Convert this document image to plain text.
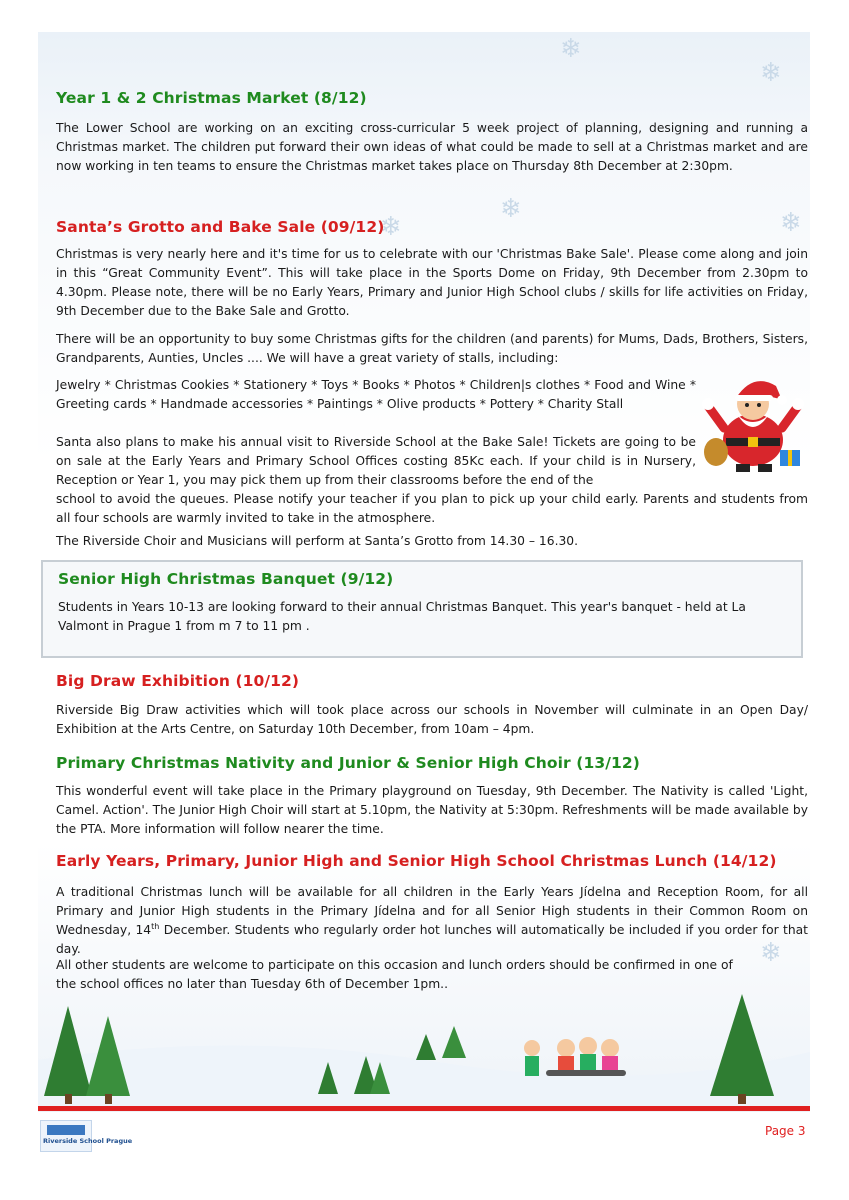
❄
❄
❄
❄	❄
❄
Year 1 & 2 Christmas Market (8/12)

The Lower School are working on an exciting cross-curricular 5 week project of planning, designing and running a Christmas market. The children put forward their own ideas of what could be made to sell at a Christmas market and are now working in ten teams to ensure the Christmas market takes place on Thursday 8th December at 2:30pm.

Santa’s Grotto and Bake Sale (09/12)

Christmas is very nearly here and it's time for us to celebrate with our 'Christmas Bake Sale'. Please come along and join in this “Great Community Event”. This will take place in the Sports Dome on Friday, 9th December from 2.30pm to 4.30pm. Please note, there will be no Early Years, Primary and Junior High School clubs / skills for life activities on Friday, 9th December due to the Bake Sale and Grotto.

There will be an opportunity to buy some Christmas gifts for the children (and parents) for Mums, Dads, Brothers, Sisters, Grandparents, Aunties, Uncles .... We will have a great variety of stalls, including:

Jewelry * Christmas Cookies * Stationery * Toys * Books * Photos * Children|s clothes * Food and Wine * Greeting cards * Handmade accessories * Paintings * Olive products * Pottery * Charity Stall

Santa also plans to make his annual visit to Riverside School at the Bake Sale! Tickets are going to be on sale at the Early Years and Primary School Offices costing 85Kc each. If your child is in Nursery, Reception or Year 1, you may pick them up from their classrooms before the end of the

school to avoid the queues. Please notify your teacher if you plan to pick up your child early. Parents and students from all four schools are warmly invited to take in the atmosphere.

The Riverside Choir and Musicians will perform at Santa’s Grotto from 14.30 – 16.30.

Senior High Christmas Banquet (9/12)

Students in Years 10-13 are looking forward to their annual Christmas Banquet. This year's banquet - held at La Valmont in Prague 1 from m 7 to 11 pm .

Big Draw Exhibition (10/12)

Riverside Big Draw activities which will took place across our schools in November will culminate in an Open Day/ Exhibition at the Arts Centre, on Saturday 10th December, from 10am – 4pm.

Primary Christmas Nativity and Junior & Senior High Choir (13/12)

This wonderful event will take place in the Primary playground on Tuesday, 9th December. The Nativity is called 'Light, Camel. Action'. The Junior High Choir will start at 5.10pm, the Nativity at 5:30pm. Refreshments will be made available by the PTA. More information will follow nearer the time.

Early Years, Primary, Junior High and Senior High School Christmas Lunch (14/12)

A traditional Christmas lunch will be available for all children in the Early Years Jídelna and Reception Room, for all Primary and Junior High students in the Primary Jídelna and for all Senior High students in their Common Room on Wednesday, 14th December. Students who regularly order hot lunches will automatically be included if you order for that day.

All other students are welcome to participate on this occasion and lunch orders should be confirmed in one of the school offices no later than Tuesday 6th of December 1pm..

Riverside School Prague
Page 3
